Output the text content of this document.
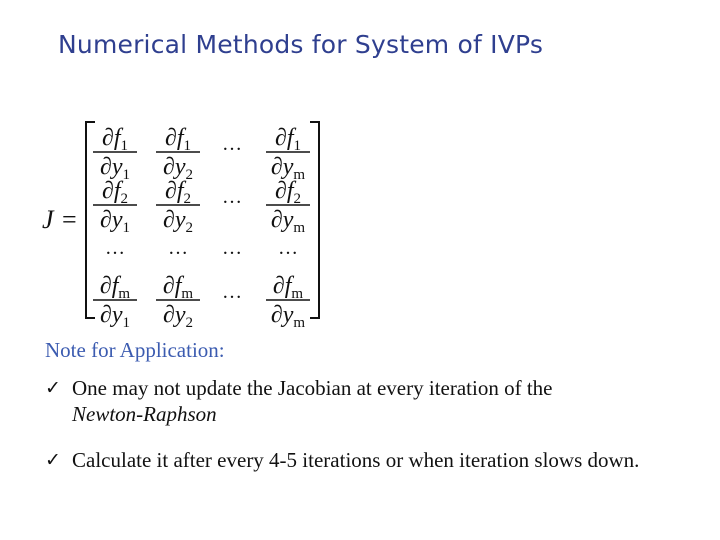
Numerical Methods for System of IVPs
J =
$\partial f_1$
$\partial y_1$
$\partial f_1$
$\partial y_2$
… $\partial f_1$
$\partial y_m$
$\partial f_2$
$\partial y_1$
$\partial f_2$
$\partial y_2$
… $\partial f_2$
$\partial y_m$
… … … …
$\partial f_m$
$\partial y_1$
$\partial f_m$
$\partial y_2$
… $\partial f_m$
$\partial y_m$
Note for Application:
✓ One may not update the Jacobian at every iteration of the
Newton-Raphson
✓ Calculate it after every 4-5 iterations or when iteration slows down.
